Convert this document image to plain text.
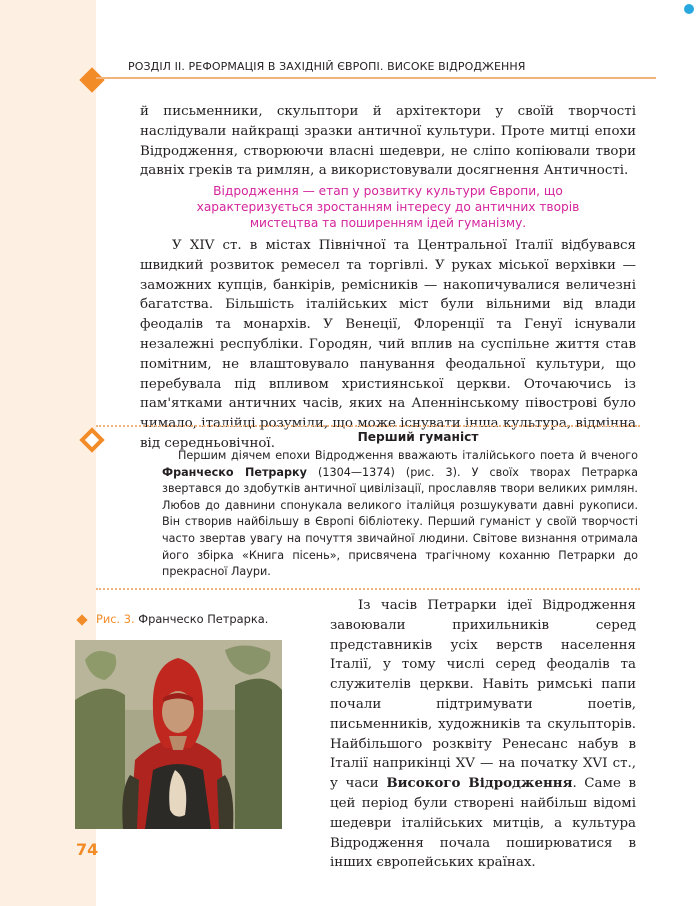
РОЗДІЛ ІІ. РЕФОРМАЦІЯ В ЗАХІДНІЙ ЄВРОПІ. ВИСОКЕ ВІДРОДЖЕННЯ

й письменники, скульптори й архітектори у своїй творчості наслідували найкращі зразки античної культури. Проте митці епохи Відродження, створюючи власні шедеври, не сліпо копіювали твори давніх греків та римлян, а використовували досягнення Античності.

Відродження — етап у розвитку культури Європи, що характеризується зростанням інтересу до античних творів мистецтва та поширенням ідей гуманізму.

У XIV ст. в містах Північної та Центральної Італії відбувався швидкий розвиток ремесел та торгівлі. У руках міської верхівки — заможних купців, банкірів, ремісників — накопичувалися величезні багатства. Більшість італійських міст були вільними від влади феодалів та монархів. У Венеції, Флоренції та Генуї існували незалежні республіки. Городян, чий вплив на суспільне життя став помітним, не влаштовувало панування феодальної культури, що перебувала під впливом християнської церкви. Оточаючись із пам'ятками античних часів, яких на Апеннінському півострові було чимало, італійці розуміли, що може існувати інша культура, відмінна від середньовічної.	Перший гуманіст

Першим діячем епохи Відродження вважають італійського поета й вченого Франческо Петрарку (1304—1374) (рис. 3). У своїх творах Петрарка звертався до здобутків античної цивілізації, прославляв твори великих римлян. Любов до давнини спонукала великого італійця розшукувати давні рукописи. Він створив найбільшу в Європі бібліотеку. Перший гуманіст у своїй творчості часто звертав увагу на почуття звичайної людини. Світове визнання отримала його збірка «Книга пісень», присвячена трагічному коханню Петрарки до прекрасної Лаури.

Рис. 3. Франческо Петрарка.

Із часів Петрарки ідеї Відродження завоювали прихильників серед представників усіх верств населення Італії, у тому числі серед феодалів та служителів церкви. Навіть римські папи почали підтримувати поетів, письменників, художників та скульпторів. Найбільшого розквіту Ренесанс набув в Італії наприкінці XV — на початку XVI ст., у часи Високого Відродження. Саме в цей період були створені найбільш відомі шедеври італійських митців, а культура Відродження почала поширюватися в інших європейських країнах.

74
